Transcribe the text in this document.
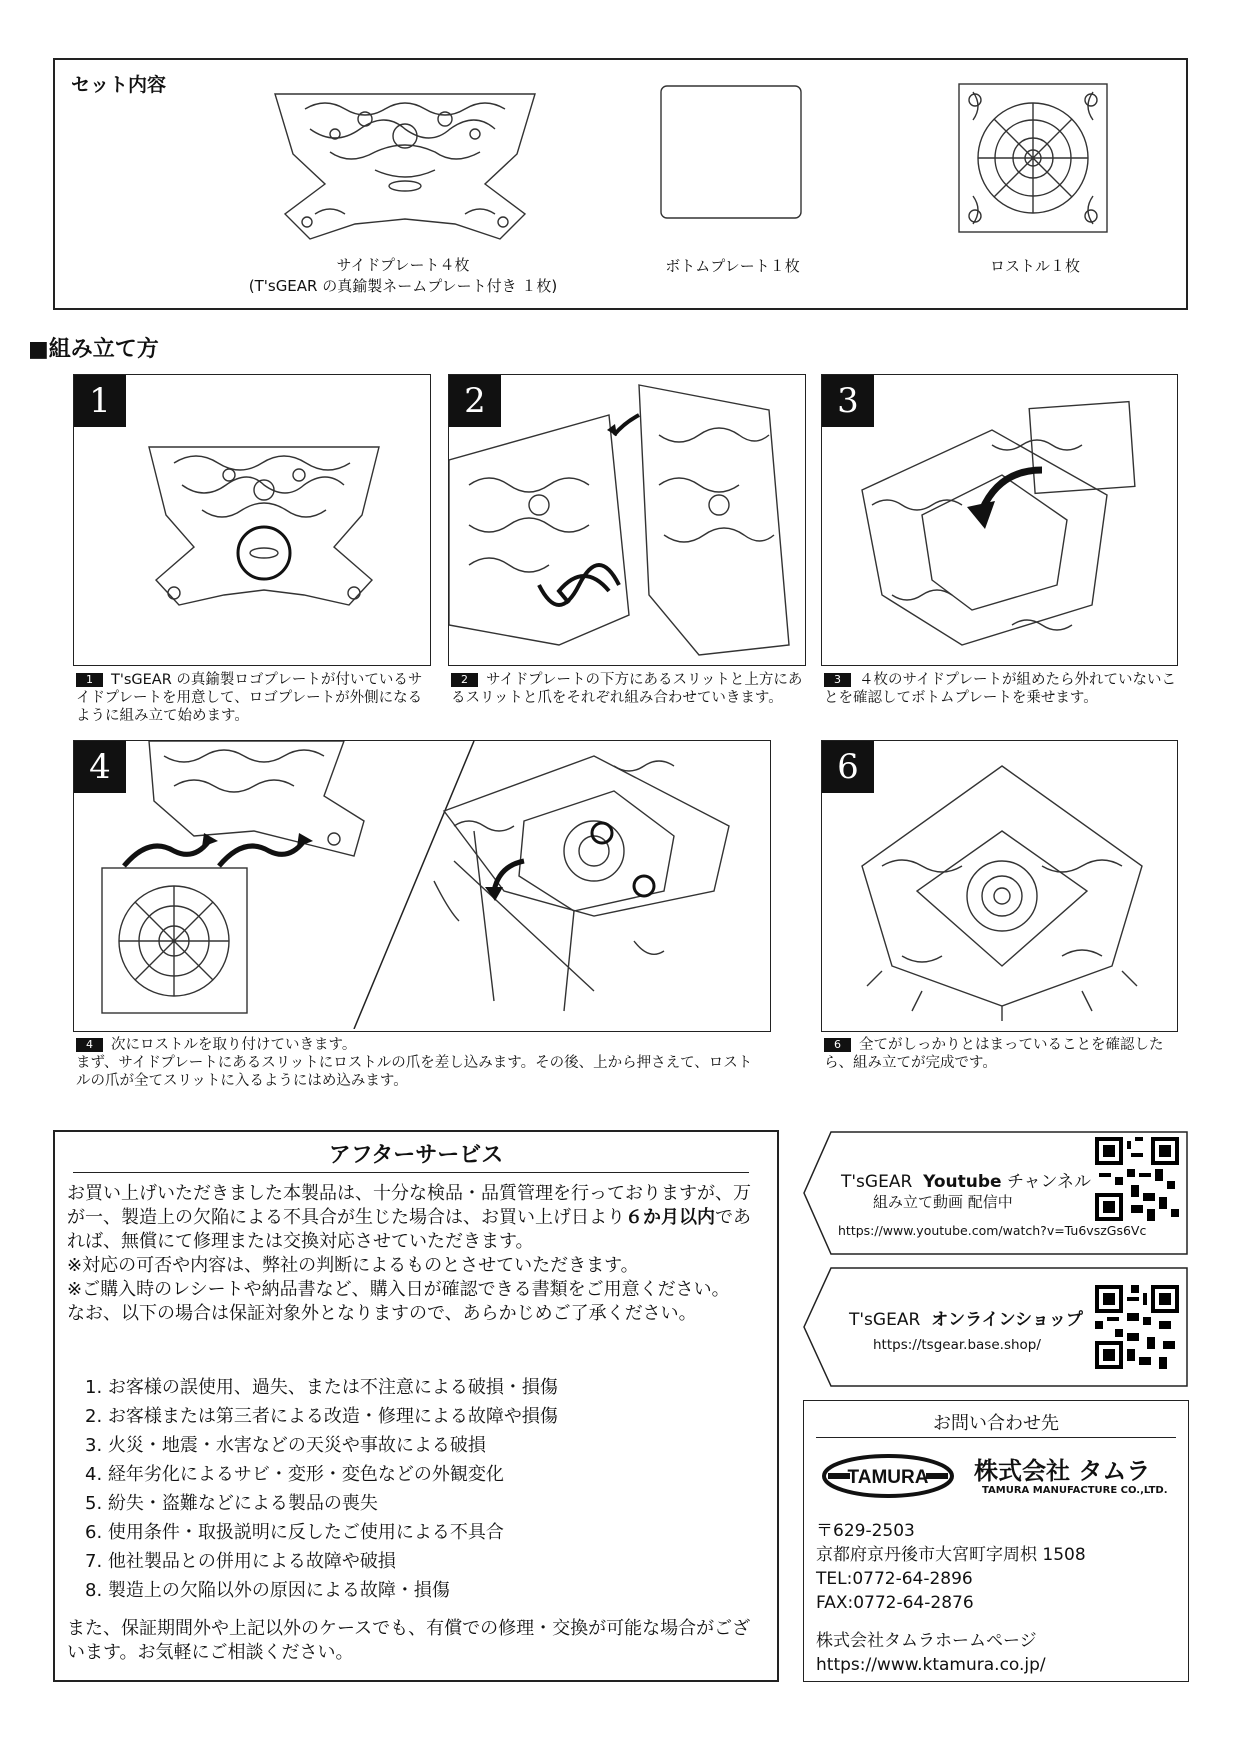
セット内容
サイドプレート４枚
(T'sGEAR の真鍮製ネームプレート付き １枚)
ボトムプレート１枚	ロストル１枚
■組み立て方
1
1 T'sGEAR の真鍮製ロゴプレートが付いているサイドプレートを用意して、ロゴプレートが外側になるように組み立て始めます。
2
2 サイドプレートの下方にあるスリットと上方にあるスリットと爪をそれぞれ組み合わせていきます。
3
3 ４枚のサイドプレートが組めたら外れていないことを確認してボトムプレートを乗せます。
4
4 次にロストルを取り付けていきます。
まず、サイドプレートにあるスリットにロストルの爪を差し込みます。その後、上から押さえて、ロストルの爪が全てスリットに入るようにはめ込みます。
6
6 全てがしっかりとはまっていることを確認したら、組み立てが完成です。
アフターサービス
お買い上げいただきました本製品は、十分な検品・品質管理を行っておりますが、万が一、製造上の欠陥による不具合が生じた場合は、お買い上げ日より６か月以内であれば、無償にて修理または交換対応させていただきます。
※対応の可否や内容は、弊社の判断によるものとさせていただきます。
※ご購入時のレシートや納品書など、購入日が確認できる書類をご用意ください。
なお、以下の場合は保証対象外となりますので、あらかじめご了承ください。
1. お客様の誤使用、過失、または不注意による破損・損傷
2. お客様または第三者による改造・修理による故障や損傷
3. 火災・地震・水害などの天災や事故による破損
4. 経年劣化によるサビ・変形・変色などの外観変化
5. 紛失・盗難などによる製品の喪失
6. 使用条件・取扱説明に反したご使用による不具合
7. 他社製品との併用による故障や破損
8. 製造上の欠陥以外の原因による故障・損傷
また、保証期間外や上記以外のケースでも、有償での修理・交換が可能な場合がございます。お気軽にご相談ください。
T'sGEAR Youtube チャンネル
組み立て動画 配信中
https://www.youtube.com/watch?v=Tu6vszGs6Vc
T'sGEAR オンラインショップ
https://tsgear.base.shop/
お問い合わせ先
TAMURA 株式会社 タムラ
TAMURA MANUFACTURE CO.,LTD.
〒629-2503
京都府京丹後市大宮町字周枳 1508
TEL:0772-64-2896
FAX:0772-64-2876
株式会社タムラホームページ
https://www.ktamura.co.jp/
